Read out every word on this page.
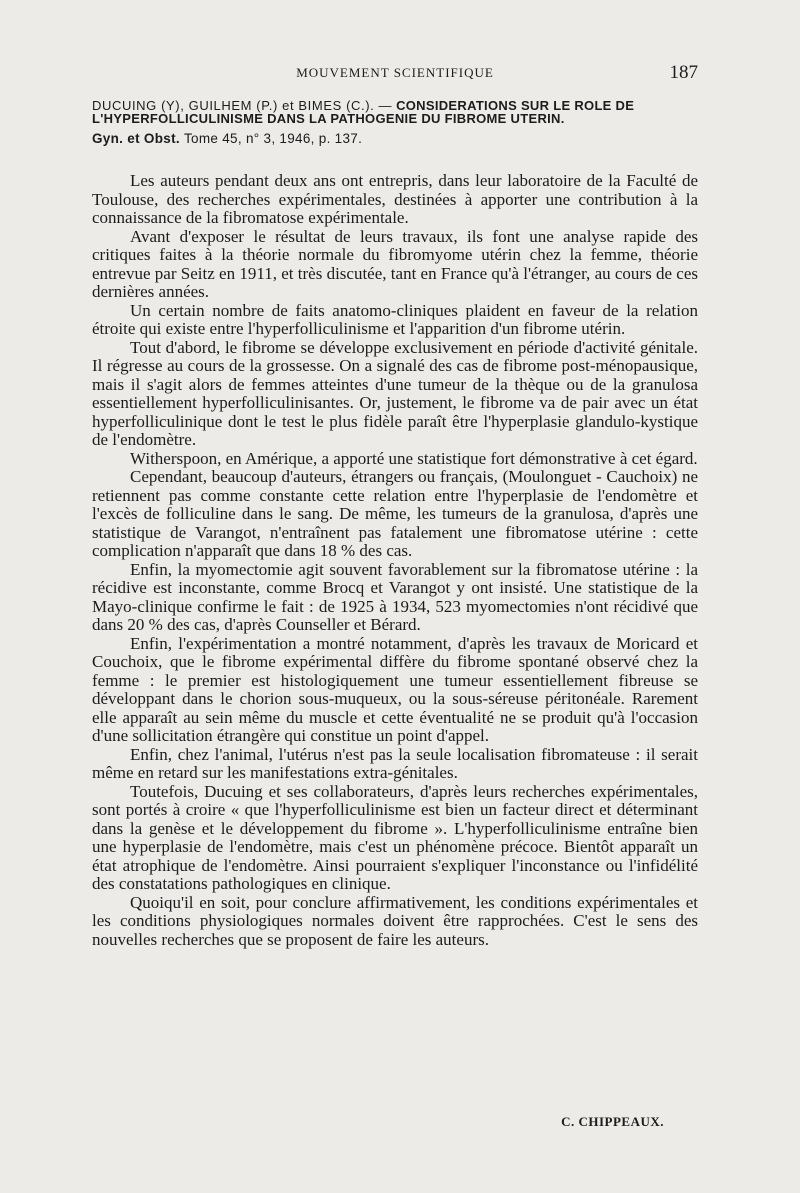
MOUVEMENT SCIENTIFIQUE	187
DUCUING (Y), GUILHEM (P.) et BIMES (C.). — CONSIDERATIONS SUR LE ROLE DE L'HYPERFOLLICULINISME DANS LA PATHOGENIE DU FIBROME UTERIN.
Gyn. et Obst. Tome 45, n° 3, 1946, p. 137.

Les auteurs pendant deux ans ont entrepris, dans leur laboratoire de la Faculté de Toulouse, des recherches expérimentales, destinées à apporter une contribution à la connaissance de la fibromatose expérimentale.

Avant d'exposer le résultat de leurs travaux, ils font une analyse rapide des critiques faites à la théorie normale du fibromyome utérin chez la femme, théorie entrevue par Seitz en 1911, et très discutée, tant en France qu'à l'étranger, au cours de ces dernières années.

Un certain nombre de faits anatomo-cliniques plaident en faveur de la relation étroite qui existe entre l'hyperfolliculinisme et l'apparition d'un fibrome utérin.

Tout d'abord, le fibrome se développe exclusivement en période d'activité génitale. Il régresse au cours de la grossesse. On a signalé des cas de fibrome post-ménopausique, mais il s'agit alors de femmes atteintes d'une tumeur de la thèque ou de la granulosa essentiellement hyperfolliculinisantes. Or, justement, le fibrome va de pair avec un état hyperfolliculinique dont le test le plus fidèle paraît être l'hyperplasie glandulo-kystique de l'endomètre.

Witherspoon, en Amérique, a apporté une statistique fort démonstrative à cet égard.

Cependant, beaucoup d'auteurs, étrangers ou français, (Moulonguet - Cauchoix) ne retiennent pas comme constante cette relation entre l'hyperplasie de l'endomètre et l'excès de folliculine dans le sang. De même, les tumeurs de la granulosa, d'après une statistique de Varangot, n'entraînent pas fatalement une fibromatose utérine : cette complication n'apparaît que dans 18 % des cas.

Enfin, la myomectomie agit souvent favorablement sur la fibromatose utérine : la récidive est inconstante, comme Brocq et Varangot y ont insisté. Une statistique de la Mayo-clinique confirme le fait : de 1925 à 1934, 523 myomectomies n'ont récidivé que dans 20 % des cas, d'après Counseller et Bérard.

Enfin, l'expérimentation a montré notamment, d'après les travaux de Moricard et Couchoix, que le fibrome expérimental diffère du fibrome spontané observé chez la femme : le premier est histologiquement une tumeur essentiellement fibreuse se développant dans le chorion sous-muqueux, ou la sous-séreuse péritonéale. Rarement elle apparaît au sein même du muscle et cette éventualité ne se produit qu'à l'occasion d'une sollicitation étrangère qui constitue un point d'appel.

Enfin, chez l'animal, l'utérus n'est pas la seule localisation fibromateuse : il serait même en retard sur les manifestations extra-génitales.

Toutefois, Ducuing et ses collaborateurs, d'après leurs recherches expérimentales, sont portés à croire « que l'hyperfolliculinisme est bien un facteur direct et déterminant dans la genèse et le développement du fibrome ». L'hyperfolliculinisme entraîne bien une hyperplasie de l'endomètre, mais c'est un phénomène précoce. Bientôt apparaît un état atrophique de l'endomètre. Ainsi pourraient s'expliquer l'inconstance ou l'infidélité des constatations pathologiques en clinique.

Quoiqu'il en soit, pour conclure affirmativement, les conditions expérimentales et les conditions physiologiques normales doivent être rapprochées. C'est le sens des nouvelles recherches que se proposent de faire les auteurs.

C. CHIPPEAUX.
